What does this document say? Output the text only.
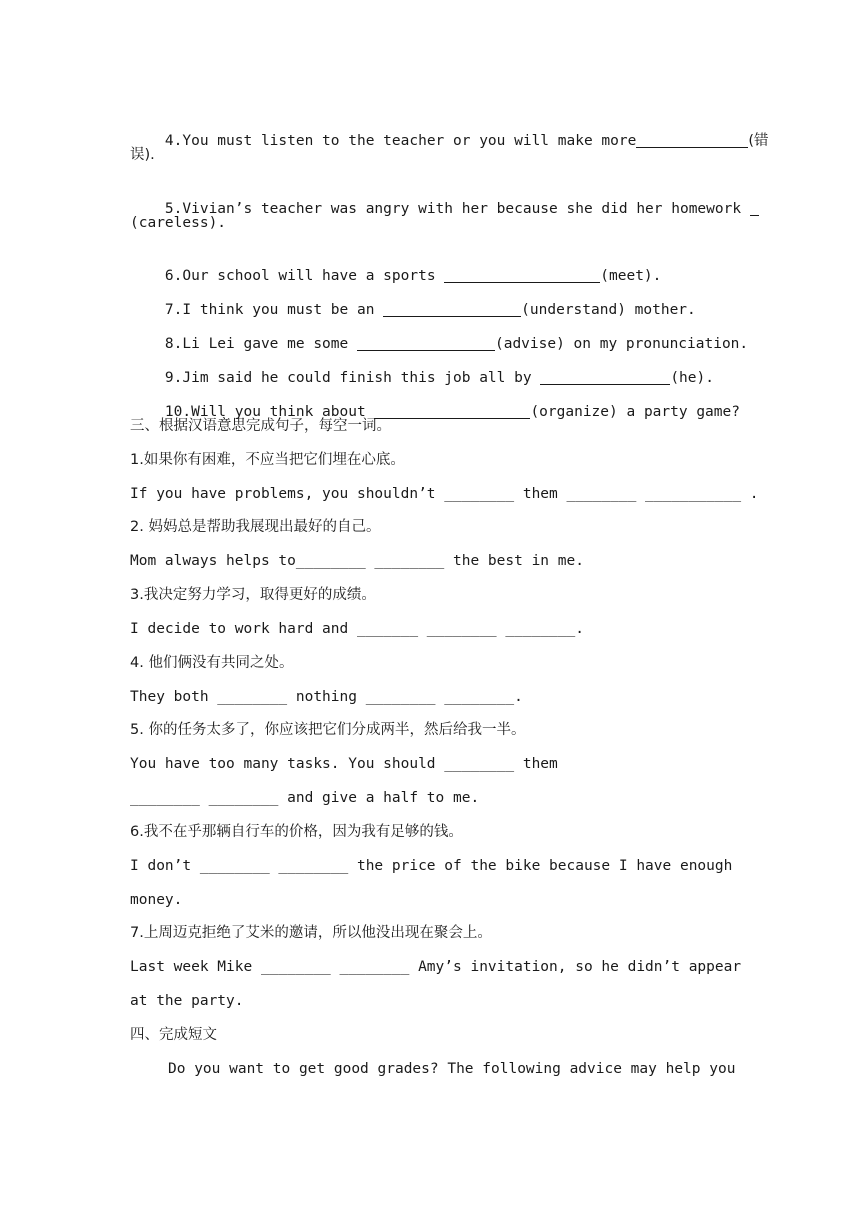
4.You must listen to the teacher or you will make more	(错

误).

5.Vivian’s teacher was angry with her because she did her homework

(careless).

6.Our school will have a sports	(meet).

7.I think you must be an	(understand) mother.

8.Li Lei gave me some	(advise) on my pronunciation.

9.Jim said he could finish this job all by	(he).

10.Will you think about	(organize) a party game?

三、根据汉语意思完成句子，每空一词。
1.如果你有困难，不应当把它们埋在心底。
If you have problems, you shouldn’t ________ them ________ ___________ .
2. 妈妈总是帮助我展现出最好的自己。
Mom always helps to________ ________ the best in me.
3.我决定努力学习，取得更好的成绩。
I decide to work hard and _______ ________ ________.
4. 他们俩没有共同之处。
They both ________ nothing ________ ________.
5. 你的任务太多了，你应该把它们分成两半，然后给我一半。
You have too many tasks. You should ________ them
________ ________ and give a half to me.
6.我不在乎那辆自行车的价格，因为我有足够的钱。
I don’t ________ ________ the price of the bike because I have enough
money.
7.上周迈克拒绝了艾米的邀请，所以他没出现在聚会上。
Last week Mike ________ ________ Amy’s invitation, so he didn’t appear
at the party.
四、完成短文
Do you want to get good grades? The following advice may help you
